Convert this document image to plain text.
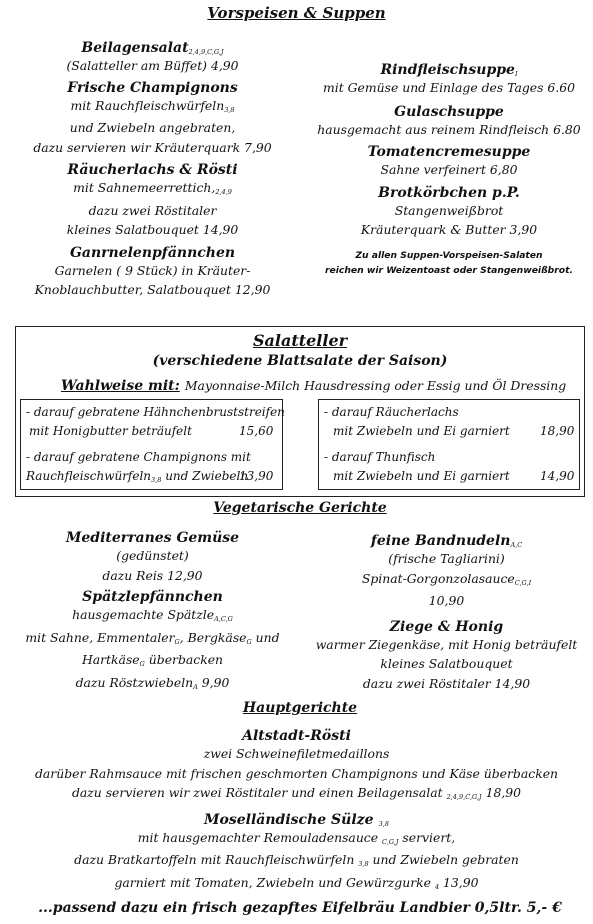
Vorspeisen & Suppen
Beilagensalat2,4,9,C,G,J
(Salatteller am Büffet) 4,90
Frische Champignons
mit Rauchfleischwürfeln3,8
und Zwiebeln angebraten,
dazu servieren wir Kräuterquark 7,90
Räucherlachs & Rösti
mit Sahnemeerrettich,2,4,9
dazu zwei Röstitaler
kleines Salatbouquet 14,90
Ganrnelenpfännchen
Garnelen ( 9 Stück) in Kräuter-
Knoblauchbutter, Salatbouquet 12,90
RindfleischsuppeI
mit Gemüse und Einlage des Tages 6.60
Gulaschsuppe
hausgemacht aus reinem Rindfleisch 6.80
Tomatencremesuppe
Sahne verfeinert 6,80
Brotkörbchen p.P.
Stangenweißbrot
Kräuterquark & Butter 3,90
Zu allen Suppen-Vorspeisen-Salaten
reichen wir Weizentoast oder Stangenweißbrot.
Salatteller
(verschiedene Blattsalate der Saison)
Wahlweise mit: Mayonnaise-Milch Hausdressing oder Essig und Öl Dressing
- darauf gebratene Hähnchenbruststreifen
mit Honigbutter beträufelt	15,60
- darauf gebratene Champignons mit
Rauchfleischwürfeln3,8 und Zwiebeln
13,90
- darauf Räucherlachs
mit Zwiebeln und Ei garniert	18,90
- darauf Thunfisch
mit Zwiebeln und Ei garniert	14,90
Vegetarische Gerichte
Mediterranes Gemüse
(gedünstet)
dazu Reis 12,90
Spätzlepfännchen
hausgemachte SpätzleA,C,G
mit Sahne, EmmentalerG, BergkäseG und
HartkäseG überbacken
dazu RöstzwiebelnA 9,90
feine BandnudelnA,C
(frische Tagliarini)
Spinat-GorgonzolasauceC,G,I
10,90
Ziege & Honig
warmer Ziegenkäse, mit Honig beträufelt
kleines Salatbouquet
dazu zwei Röstitaler 14,90
Hauptgerichte
Altstadt-Rösti
zwei Schweinefiletmedaillons
darüber Rahmsauce mit frischen geschmorten Champignons und Käse überbacken
dazu servieren wir zwei Röstitaler und einen Beilagensalat 2,4,9,C,G,J 18,90
Moselländische Sülze 3,8
mit hausgemachter Remouladensauce C,G,J serviert,
dazu Bratkartoffeln mit Rauchfleischwürfeln 3,8 und Zwiebeln gebraten
garniert mit Tomaten, Zwiebeln und Gewürzgurke 4 13,90
...passend dazu ein frisch gezapftes Eifelbräu Landbier 0,5ltr. 5,- €
